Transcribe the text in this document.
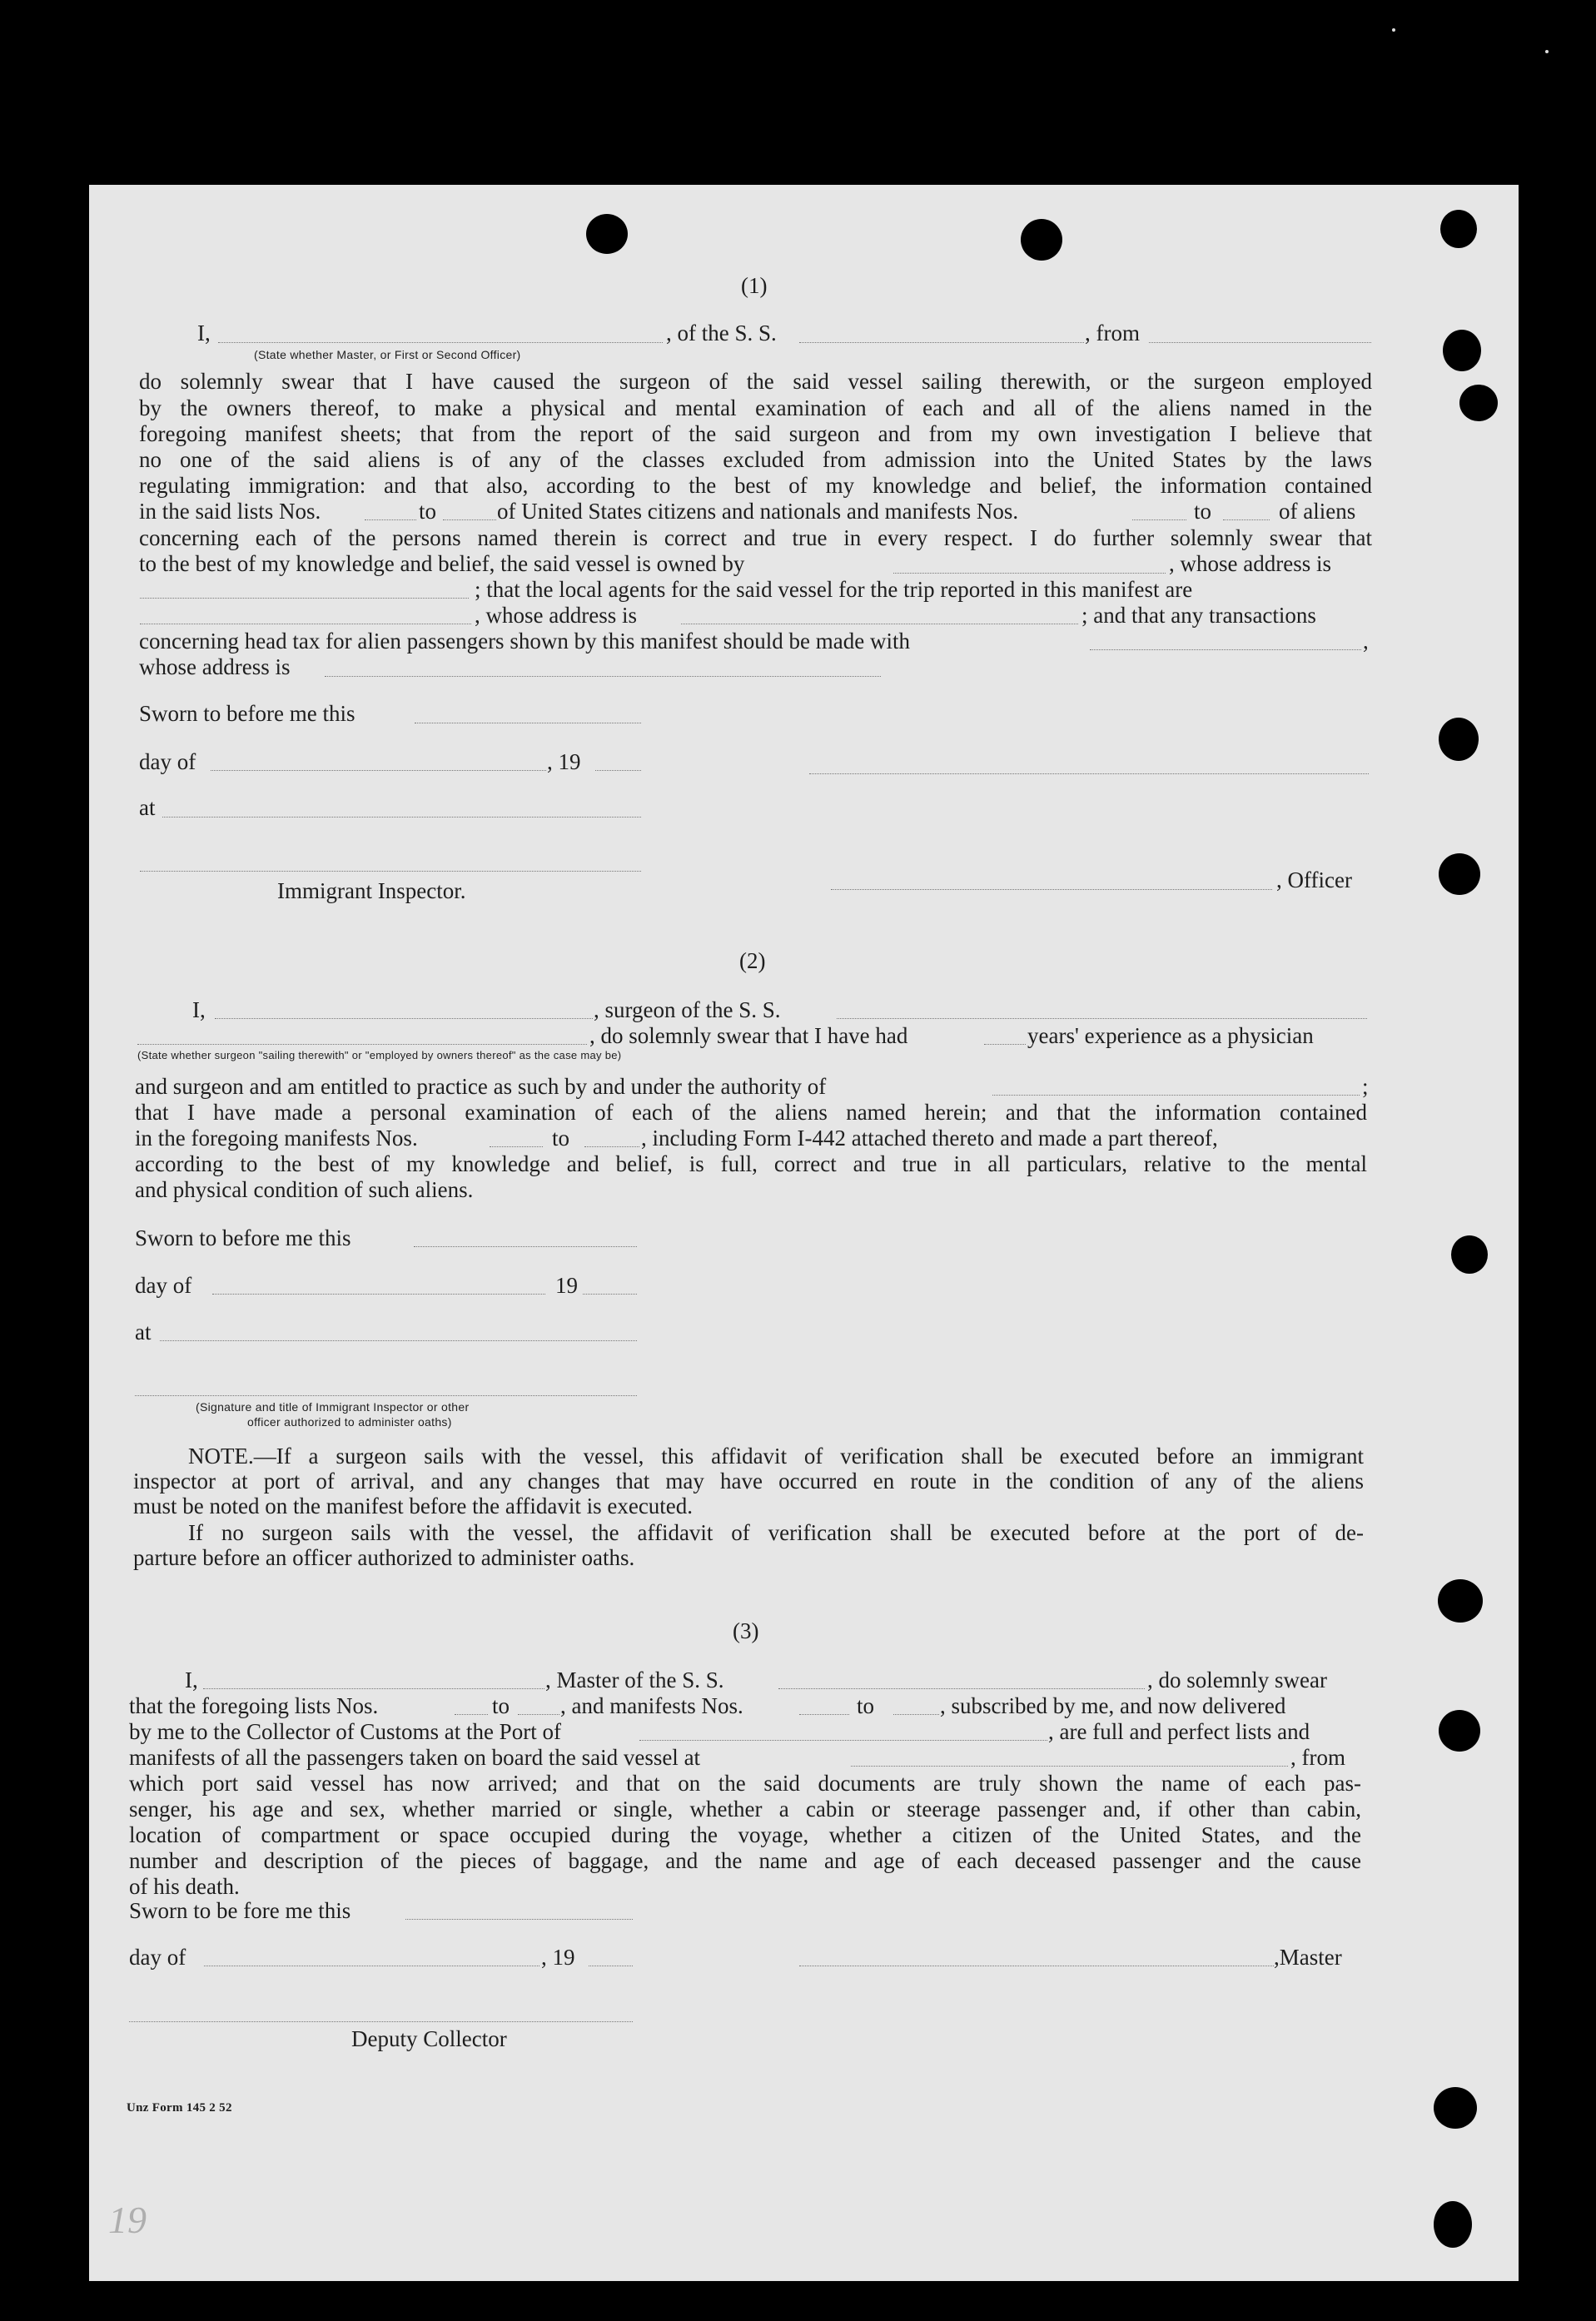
(1)
I,	, of the S. S.	, from
(State whether Master, or First or Second Officer)
do solemnly swear that I have caused the surgeon of the said vessel sailing therewith, or the surgeon employed
by the owners thereof, to make a physical and mental examination of each and all of the aliens named in the
foregoing manifest sheets; that from the report of the said surgeon and from my own investigation I believe that
no one of the said aliens is of any of the classes excluded from admission into the United States by the laws
regulating immigration: and that also, according to the best of my knowledge and belief, the information contained
in the said lists Nos.	to	of United States citizens and nationals and manifests Nos.	to	of aliens
concerning each of the persons named therein is correct and true in every respect. I do further solemnly swear that
to the best of my knowledge and belief, the said vessel is owned by	, whose address is
; that the local agents for the said vessel for the trip reported in this manifest are
, whose address is	; and that any transactions
concerning head tax for alien passengers shown by this manifest should be made with	,
whose address is
Sworn to before me this
day of	, 19
at
Immigrant Inspector.	, Officer
(2)
I,	, surgeon of the S. S.
, do solemnly swear that I have had	years' experience as a physician
(State whether surgeon "sailing therewith" or "employed by owners thereof" as the case may be)
and surgeon and am entitled to practice as such by and under the authority of	;
that I have made a personal examination of each of the aliens named herein; and that the information contained
in the foregoing manifests Nos.	to	, including Form I-442 attached thereto and made a part thereof,
according to the best of my knowledge and belief, is full, correct and true in all particulars, relative to the mental
and physical condition of such aliens.
Sworn to before me this
day of	19
at
(Signature and title of Immigrant Inspector or other
officer authorized to administer oaths)
NOTE.—If a surgeon sails with the vessel, this affidavit of verification shall be executed before an immigrant
inspector at port of arrival, and any changes that may have occurred en route in the condition of any of the aliens
must be noted on the manifest before the affidavit is executed.
If no surgeon sails with the vessel, the affidavit of verification shall be executed before at the port of de-
parture before an officer authorized to administer oaths.
(3)
I,	, Master of the S. S.	, do solemnly swear
that the foregoing lists Nos.	to , and manifests Nos.	to	, subscribed by me, and now delivered
by me to the Collector of Customs at the Port of	, are full and perfect lists and
manifests of all the passengers taken on board the said vessel at	, from
which port said vessel has now arrived; and that on the said documents are truly shown the name of each pas-
senger, his age and sex, whether married or single, whether a cabin or steerage passenger and, if other than cabin,
location of compartment or space occupied during the voyage, whether a citizen of the United States, and the
number and description of the pieces of baggage, and the name and age of each deceased passenger and the cause
of his death.
Sworn to be fore me this
day of	, 19	,Master
Deputy Collector
Unz Form 145 2 52
19
